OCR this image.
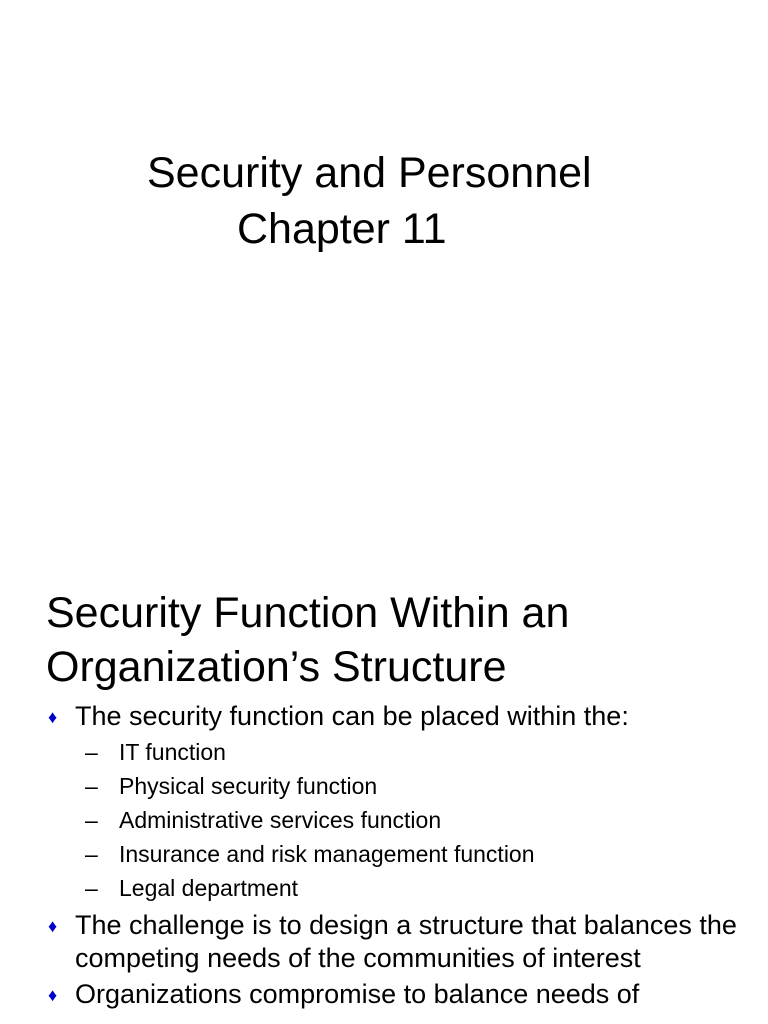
Security and Personnel
Chapter 11
Security Function Within an
Organization’s Structure
♦ The security function can be placed within the:
– IT function
– Physical security function
– Administrative services function
– Insurance and risk management function
– Legal department
♦ The challenge is to design a structure that balances the competing needs of the communities of interest
♦ Organizations compromise to balance needs of
